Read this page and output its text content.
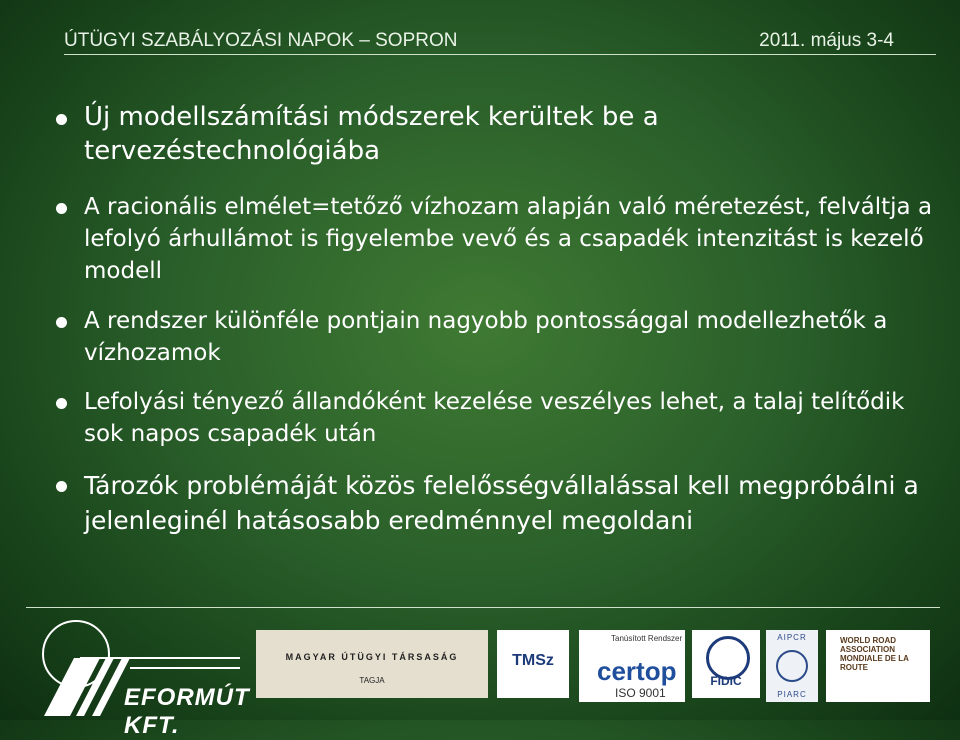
ÚTÜGYI SZABÁLYOZÁSI NAPOK – SOPRON	2011. május 3-4
Új modellszámítási módszerek kerültek be a tervezéstechnológiába
A racionális elmélet=tetőző vízhozam alapján való méretezést, felváltja a lefolyó árhullámot is figyelembe vevő és a csapadék intenzitást is kezelő modell
A rendszer különféle pontjain nagyobb pontossággal modellezhetők a vízhozamok
Lefolyási tényező állandóként kezelése veszélyes lehet, a talaj telítődik sok napos csapadék után
Tározók problémáját közös felelősségvállalással kell megpróbálni a jelenleginél hatásosabb eredménnyel megoldani
EFORMÚT KFT.
MAGYAR ÚTÜGYI TÁRSASÁG
TAGJA
TMSz
Tanúsított Rendszer
certop
ISO 9001
FIDIC
AIPCR
PIARC
WORLD ROAD ASSOCIATION MONDIALE DE LA ROUTE
